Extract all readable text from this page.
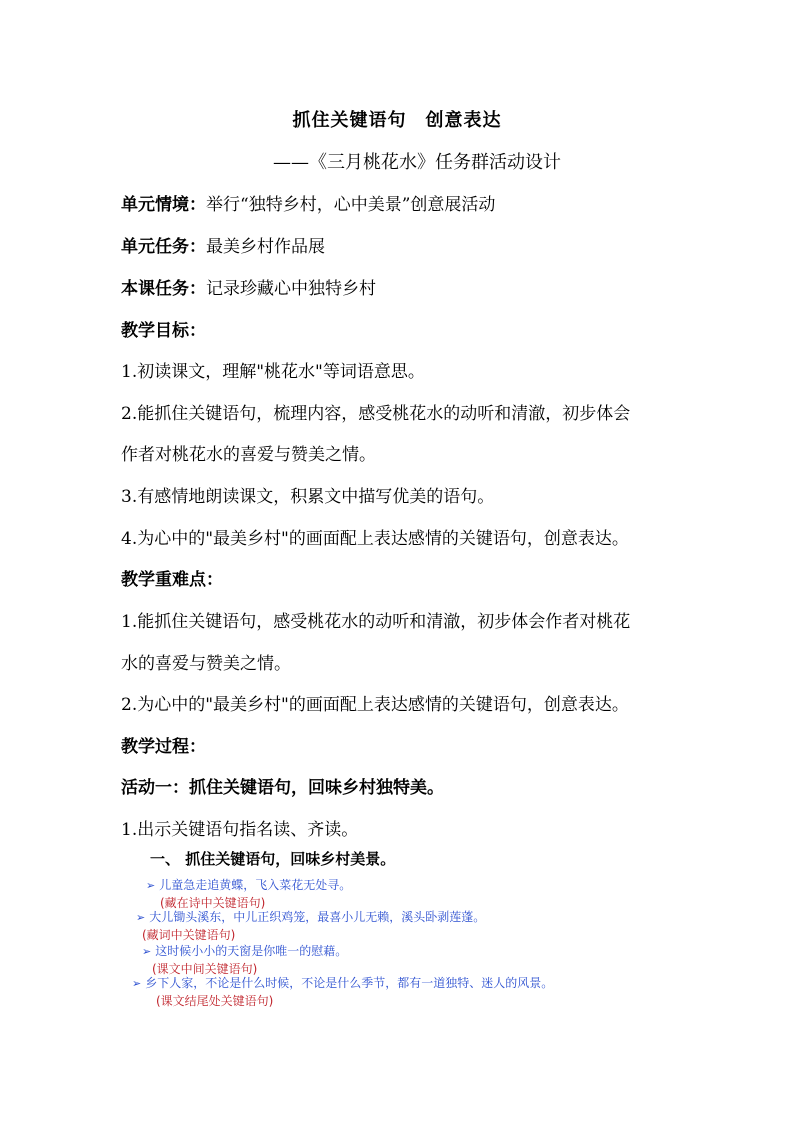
抓住关键语句　创意表达
——《三月桃花水》任务群活动设计
单元情境：举行“独特乡村，心中美景”创意展活动
单元任务：最美乡村作品展
本课任务：记录珍藏心中独特乡村
教学目标：
1.初读课文，理解"桃花水"等词语意思。
2.能抓住关键语句，梳理内容，感受桃花水的动听和清澈，初步体会
作者对桃花水的喜爱与赞美之情。
3.有感情地朗读课文，积累文中描写优美的语句。
4.为心中的"最美乡村"的画面配上表达感情的关键语句，创意表达。
教学重难点：
1.能抓住关键语句，感受桃花水的动听和清澈，初步体会作者对桃花
水的喜爱与赞美之情。
2.为心中的"最美乡村"的画面配上表达感情的关键语句，创意表达。
教学过程：
活动一：抓住关键语句，回味乡村独特美。
1.出示关键语句指名读、齐读。
一、 抓住关键语句，回味乡村美景。
➢ 儿童急走追黄蝶，飞入菜花无处寻。
(藏在诗中关键语句)
➢ 大儿锄头溪东，中儿正织鸡笼，最喜小儿无赖，溪头卧剥莲蓬。
(藏词中关键语句)
➢ 这时候小小的天窗是你唯一的慰藉。
(课文中间关键语句)
➢ 乡下人家，不论是什么时候，不论是什么季节，都有一道独特、迷人的风景。
(课文结尾处关键语句)
